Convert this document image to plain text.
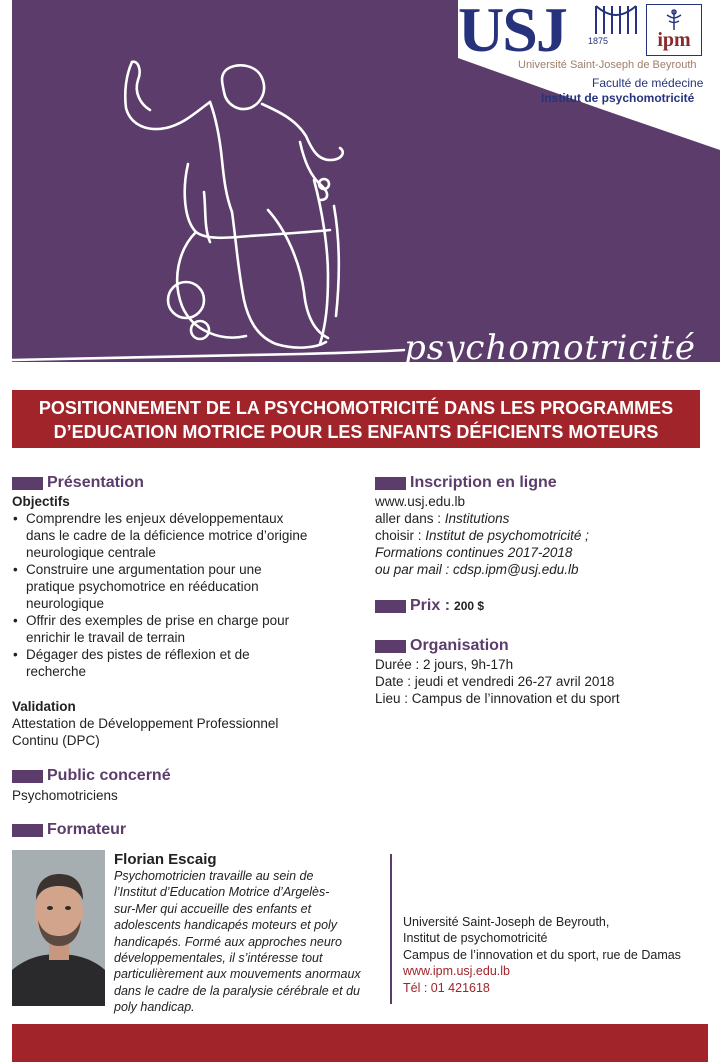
USJ 1875	ipm
Université Saint-Joseph de Beyrouth
Faculté de médecine
Institut de psychomotricité
psychomotricité
POSITIONNEMENT DE LA PSYCHOMOTRICITÉ DANS LES PROGRAMMES
D’EDUCATION MOTRICE POUR LES ENFANTS DÉFICIENTS MOTEURS
Présentation
Objectifs
• Comprendre les enjeux développementaux
dans le cadre de la déficience motrice d’origine
neurologique centrale
• Construire une argumentation pour une
pratique psychomotrice en rééducation
neurologique
• Offrir des exemples de prise en charge pour
enrichir le travail de terrain
• Dégager des pistes de réflexion et de
recherche
Validation
Attestation de Développement Professionnel
Continu (DPC)
Public concerné
Psychomotriciens
Formateur
Florian Escaig
Psychomotricien travaille au sein de
l’Institut d’Education Motrice d’Argelès-
sur-Mer qui accueille des enfants et
adolescents handicapés moteurs et poly
handicapés. Formé aux approches neuro
développementales, il s’intéresse tout
particulièrement aux mouvements anormaux
dans le cadre de la paralysie cérébrale et du
poly handicap.
Inscription en ligne
www.usj.edu.lb
aller dans : Institutions
choisir : Institut de psychomotricité ;
Formations continues 2017-2018
ou par mail : cdsp.ipm@usj.edu.lb
Prix : 200 $
Organisation
Durée : 2 jours, 9h-17h
Date : jeudi et vendredi 26-27 avril 2018
Lieu : Campus de l’innovation et du sport
Université Saint-Joseph de Beyrouth,
Institut de psychomotricité
Campus de l’innovation et du sport, rue de Damas
www.ipm.usj.edu.lb
Tél : 01 421618
